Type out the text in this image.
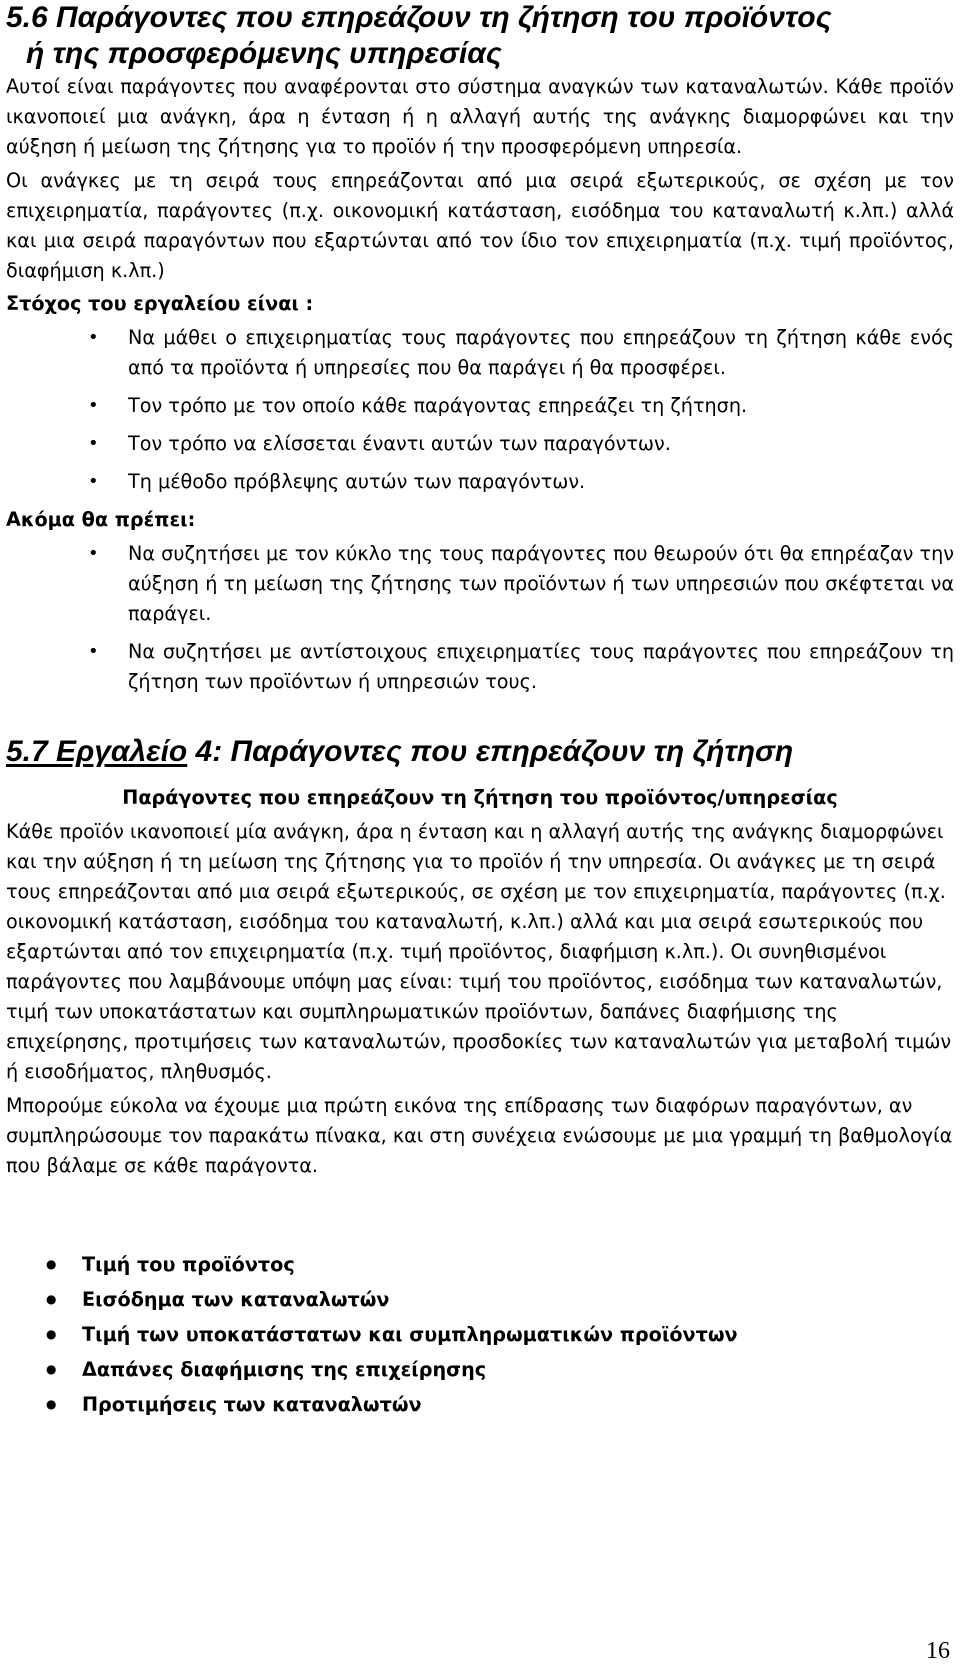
5.6 Παράγοντες που επηρεάζουν τη ζήτηση του προϊόντος
ή της προσφερόμενης υπηρεσίας

Αυτοί είναι παράγοντες που αναφέρονται στο σύστημα αναγκών των καταναλωτών. Κάθε προϊόν ικανοποιεί μια ανάγκη, άρα η ένταση ή η αλλαγή αυτής της ανάγκης διαμορφώνει και την αύξηση ή μείωση της ζήτησης για το προϊόν ή την προσφερόμενη υπηρεσία.

Οι ανάγκες με τη σειρά τους επηρεάζονται από μια σειρά εξωτερικούς, σε σχέση με τον επιχειρηματία, παράγοντες (π.χ. οικονομική κατάσταση, εισόδημα του καταναλωτή κ.λπ.) αλλά και μια σειρά παραγόντων που εξαρτώνται από τον ίδιο τον επιχειρηματία (π.χ. τιμή προϊόντος, διαφήμιση κ.λπ.)

Στόχος του εργαλείου είναι :
• Να μάθει ο επιχειρηματίας τους παράγοντες που επηρεάζουν τη ζήτηση κάθε ενός από τα προϊόντα ή υπηρεσίες που θα παράγει ή θα προσφέρει.
• Τον τρόπο με τον οποίο κάθε παράγοντας επηρεάζει τη ζήτηση.
• Τον τρόπο να ελίσσεται έναντι αυτών των παραγόντων.
• Τη μέθοδο πρόβλεψης αυτών των παραγόντων.
Ακόμα θα πρέπει:
• Να συζητήσει με τον κύκλο της τους παράγοντες που θεωρούν ότι θα επηρέαζαν την αύξηση ή τη μείωση της ζήτησης των προϊόντων ή των υπηρεσιών που σκέφτεται να παράγει.
• Να συζητήσει με αντίστοιχους επιχειρηματίες τους παράγοντες που επηρεάζουν τη ζήτηση των προϊόντων ή υπηρεσιών τους.
5.7 Εργαλείο 4: Παράγοντες που επηρεάζουν τη ζήτηση
Παράγοντες που επηρεάζουν τη ζήτηση του προϊόντος/υπηρεσίας

Κάθε προϊόν ικανοποιεί μία ανάγκη, άρα η ένταση και η αλλαγή αυτής της ανάγκης διαμορφώνει και την αύξηση ή τη μείωση της ζήτησης για το προϊόν ή την υπηρεσία. Οι ανάγκες με τη σειρά τους επηρεάζονται από μια σειρά εξωτερικούς, σε σχέση με τον επιχειρηματία, παράγοντες (π.χ. οικονομική κατάσταση, εισόδημα του καταναλωτή, κ.λπ.) αλλά και μια σειρά εσωτερικούς που εξαρτώνται από τον επιχειρηματία (π.χ. τιμή προϊόντος, διαφήμιση κ.λπ.). Οι συνηθισμένοι παράγοντες που λαμβάνουμε υπόψη μας είναι: τιμή του προϊόντος, εισόδημα των καταναλωτών, τιμή των υποκατάστατων και συμπληρωματικών προϊόντων, δαπάνες διαφήμισης της επιχείρησης, προτιμήσεις των καταναλωτών, προσδοκίες των καταναλωτών για μεταβολή τιμών ή εισοδήματος, πληθυσμός.

Μπορούμε εύκολα να έχουμε μια πρώτη εικόνα της επίδρασης των διαφόρων παραγόντων, αν συμπληρώσουμε τον παρακάτω πίνακα, και στη συνέχεια ενώσουμε με μια γραμμή τη βαθμολογία που βάλαμε σε κάθε παράγοντα.

● Τιμή του προϊόντος
● Εισόδημα των καταναλωτών
● Τιμή των υποκατάστατων και συμπληρωματικών προϊόντων
● Δαπάνες διαφήμισης της επιχείρησης
● Προτιμήσεις των καταναλωτών
16
